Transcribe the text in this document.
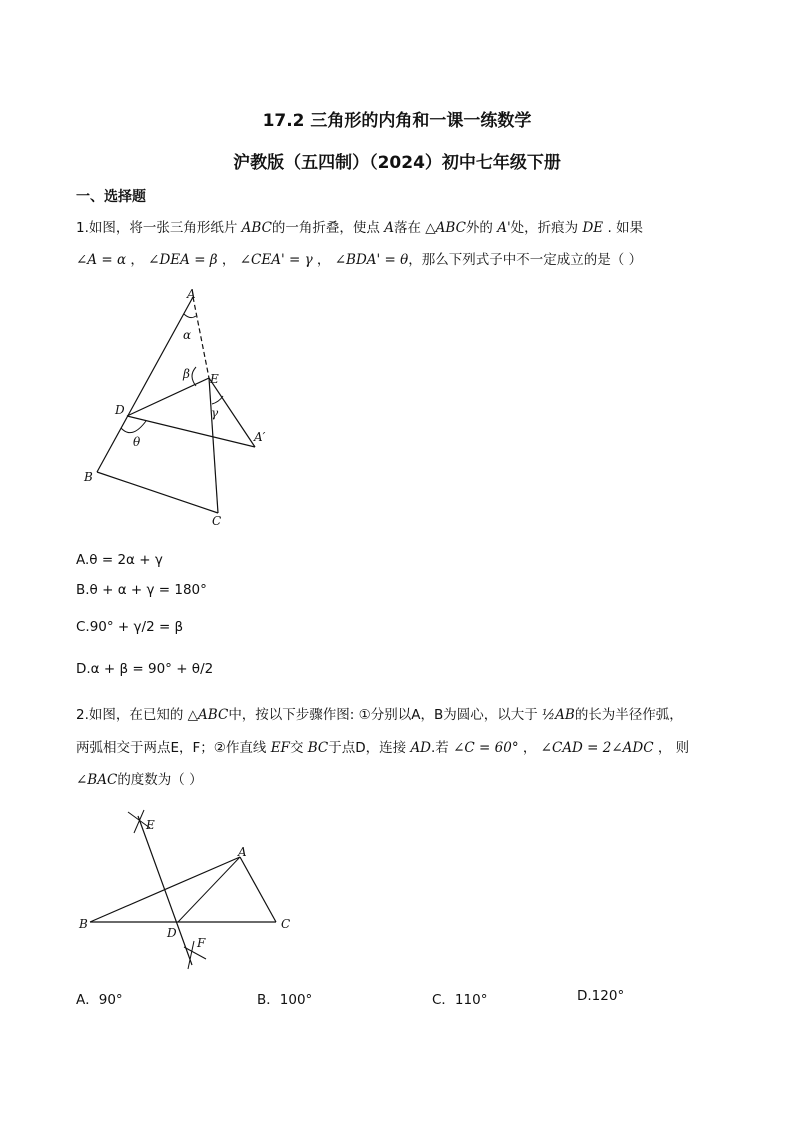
17.2 三角形的内角和一课一练数学
沪教版（五四制）（2024）初中七年级下册
一、选择题
1.如图，将一张三角形纸片 ABC的一角折叠，使点 A落在 △ABC外的 A'处，折痕为 DE . 如果
∠A = α ， ∠DEA = β ， ∠CEA' = γ ， ∠BDA' = θ，那么下列式子中不一定成立的是（ ）
A
E
D
A′
B
C
α
β
γ
θ
A.θ = 2α + γ
B.θ + α + γ = 180°
C.90° + γ/2 = β
D.α + β = 90° + θ/2
2.如图，在已知的 △ABC中，按以下步骤作图: ①分别以A，B为圆心，以大于 ½AB的长为半径作弧，
两弧相交于两点E，F；②作直线 EF交 BC于点D，连接 AD.若 ∠C = 60° ， ∠CAD = 2∠ADC ， 则
∠BAC的度数为（ ）
E
A
B
D
C
F
A．90°	B．100°	C．110°	D.120°
